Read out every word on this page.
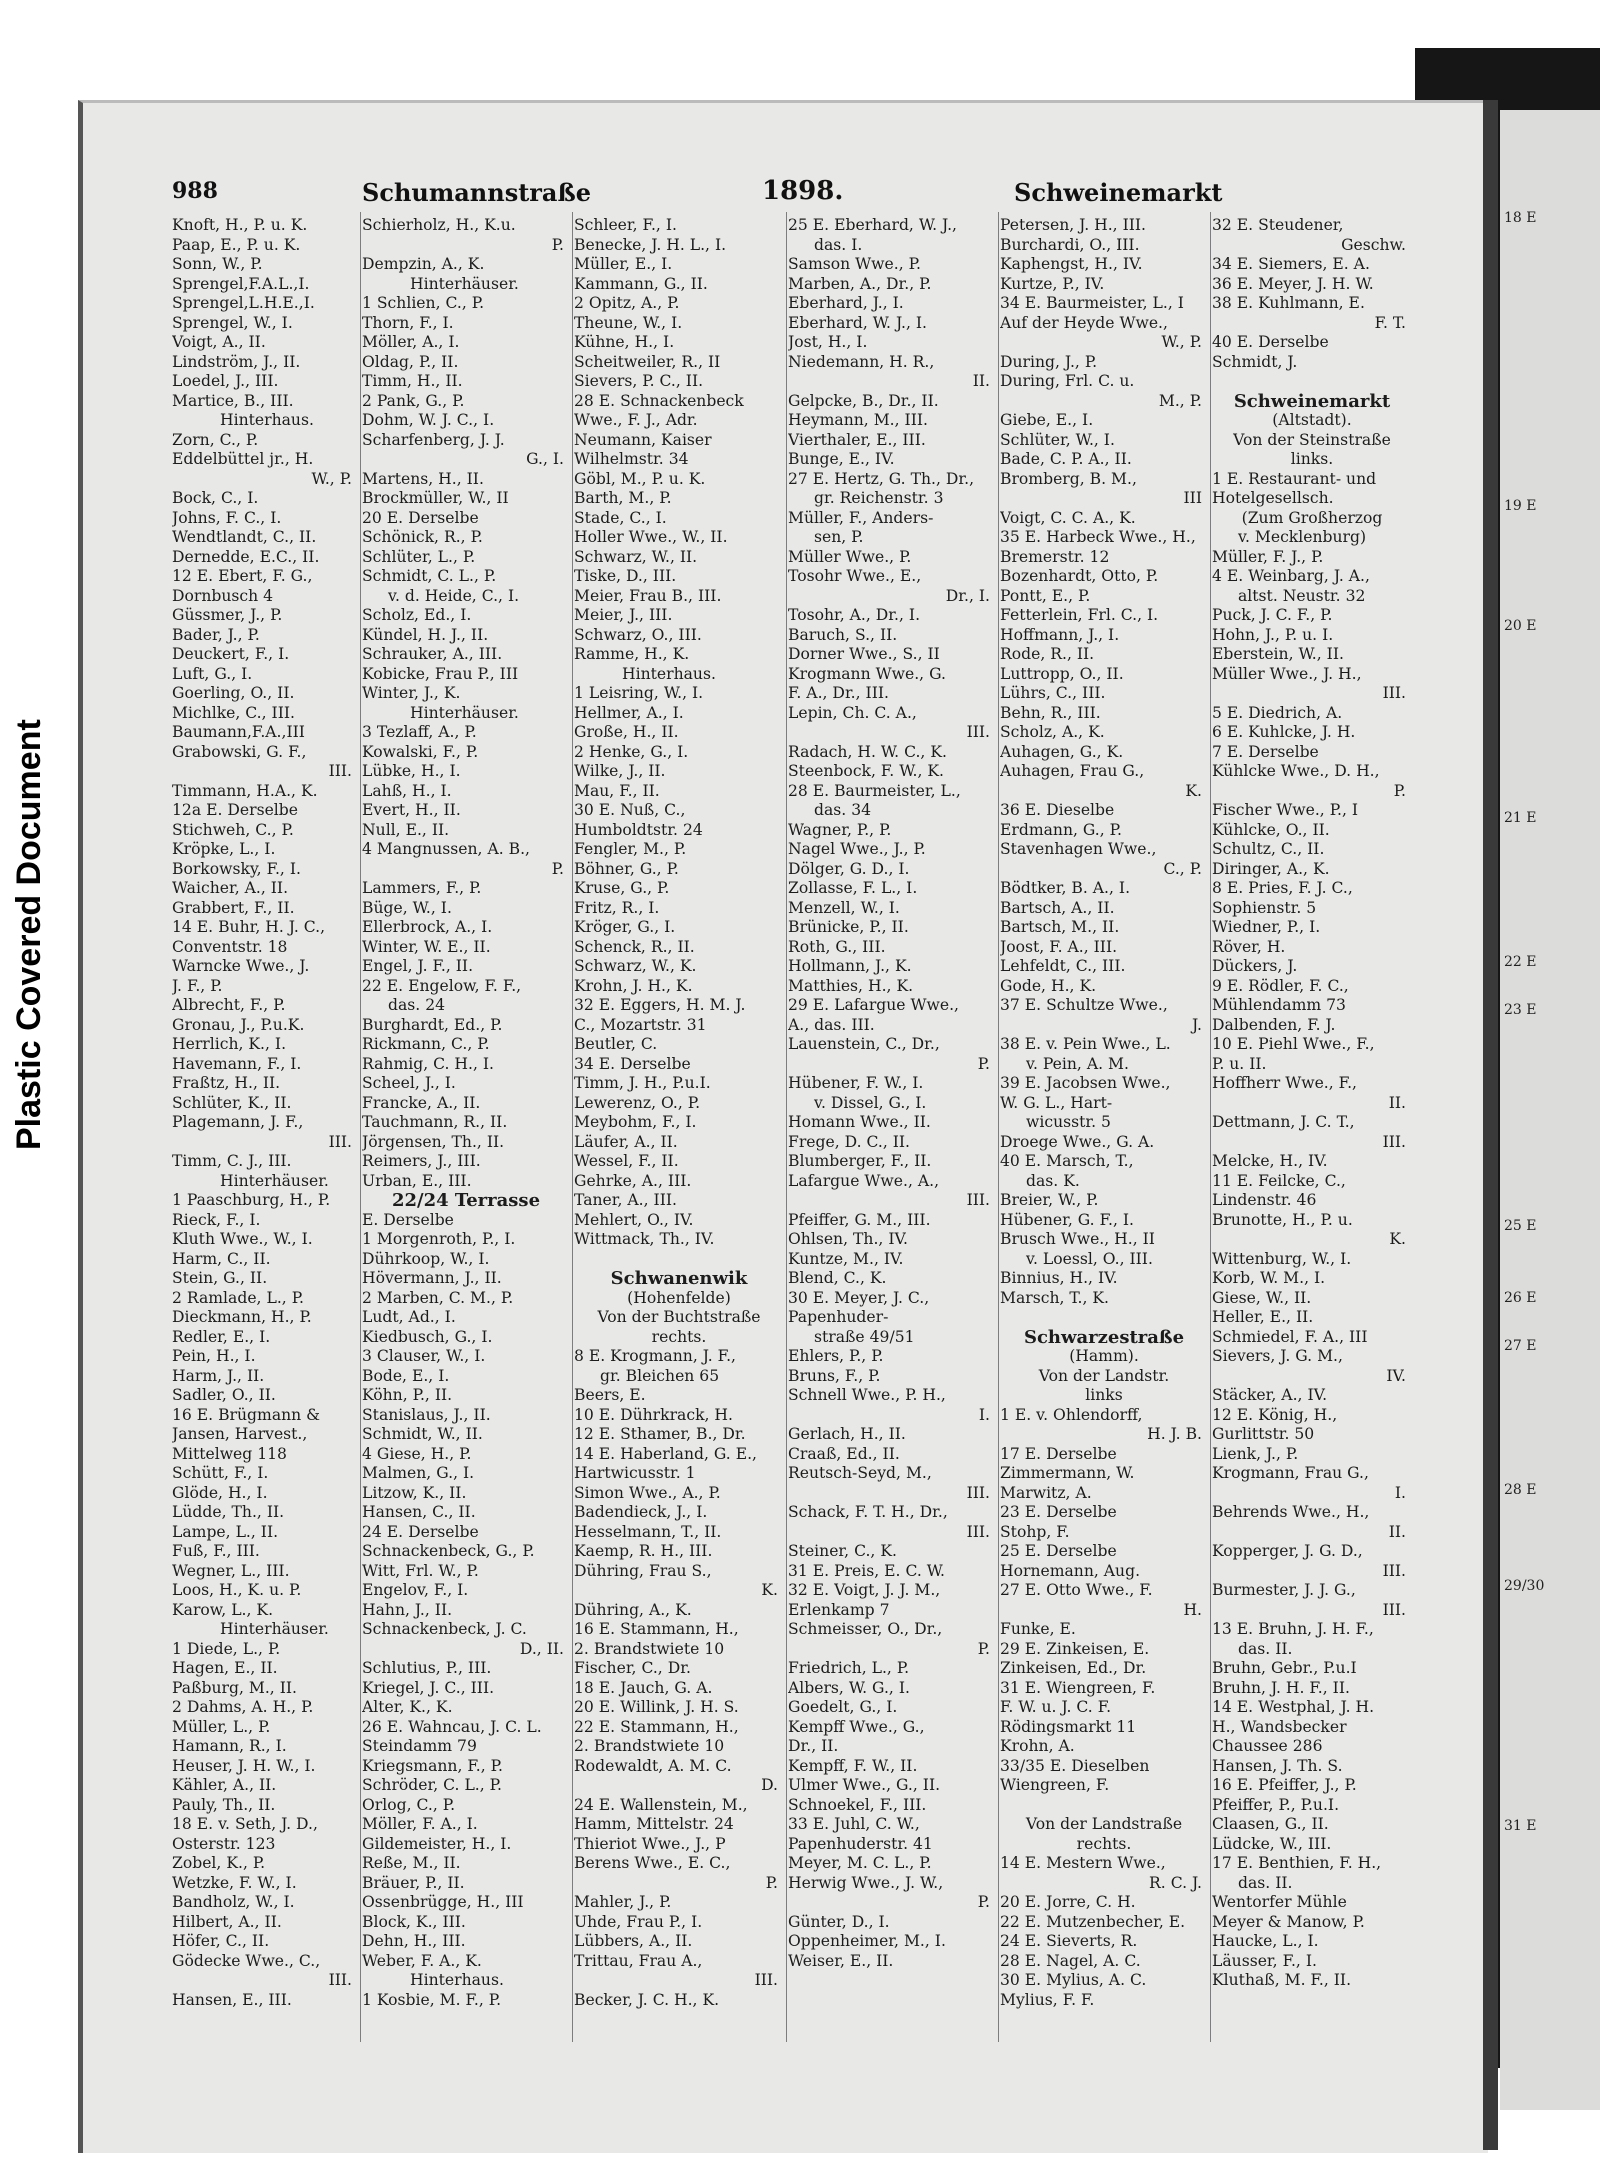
18 E

19 E

20 E

21 E

22 E

23 E

25 E

26 E

27 E

28 E

29/30

31 E
Plastic Covered Document
988	Schumannstraße	1898.	Schweinemarkt
Knoft, H., P. u. K.
Paap, E., P. u. K.
Sonn, W., P.
Sprengel,F.A.L.,I.
Sprengel,L.H.E.,I.
Sprengel, W., I.
Voigt, A., II.
Lindström, J., II.
Loedel, J., III.
Martice, B., III.
Hinterhaus.
Zorn, C., P.
Eddelbüttel jr., H.
W., P.
Bock, C., I.
Johns, F. C., I.
Wendtlandt, C., II.
Dernedde, E.C., II.
12 E. Ebert, F. G.,
Dornbusch 4
Güssmer, J., P.
Bader, J., P.
Deuckert, F., I.
Luft, G., I.
Goerling, O., II.
Michlke, C., III.
Baumann,F.A.,III
Grabowski, G. F.,
III.
Timmann, H.A., K.
12a E. Derselbe
Stichweh, C., P.
Kröpke, L., I.
Borkowsky, F., I.
Waicher, A., II.
Grabbert, F., II.
14 E. Buhr, H. J. C.,
Conventstr. 18
Warncke Wwe., J.
J. F., P.
Albrecht, F., P.
Gronau, J., P.u.K.
Herrlich, K., I.
Havemann, F., I.
Fraßtz, H., II.
Schlüter, K., II.
Plagemann, J. F.,
III.
Timm, C. J., III.
Hinterhäuser.
1 Paaschburg, H., P.
Rieck, F., I.
Kluth Wwe., W., I.
Harm, C., II.
Stein, G., II.
2 Ramlade, L., P.
Dieckmann, H., P.
Redler, E., I.
Pein, H., I.
Harm, J., II.
Sadler, O., II.
16 E. Brügmann &
Jansen, Harvest.,
Mittelweg 118
Schütt, F., I.
Glöde, H., I.
Lüdde, Th., II.
Lampe, L., II.
Fuß, F., III.
Wegner, L., III.
Loos, H., K. u. P.
Karow, L., K.
Hinterhäuser.
1 Diede, L., P.
Hagen, E., II.
Paßburg, M., II.
2 Dahms, A. H., P.
Müller, L., P.
Hamann, R., I.
Heuser, J. H. W., I.
Kähler, A., II.
Pauly, Th., II.
18 E. v. Seth, J. D.,
Osterstr. 123
Zobel, K., P.
Wetzke, F. W., I.
Bandholz, W., I.
Hilbert, A., II.
Höfer, C., II.
Gödecke Wwe., C.,
III.
Hansen, E., III.
Schierholz, H., K.u.
P.
Dempzin, A., K.
Hinterhäuser.
1 Schlien, C., P.
Thorn, F., I.
Möller, A., I.
Oldag, P., II.
Timm, H., II.
2 Pank, G., P.
Dohm, W. J. C., I.
Scharfenberg, J. J.
G., I.
Martens, H., II.
Brockmüller, W., II
20 E. Derselbe
Schönick, R., P.
Schlüter, L., P.
Schmidt, C. L., P.
v. d. Heide, C., I.
Scholz, Ed., I.
Kündel, H. J., II.
Schrauker, A., III.
Kobicke, Frau P., III
Winter, J., K.
Hinterhäuser.
3 Tezlaff, A., P.
Kowalski, F., P.
Lübke, H., I.
Lahß, H., I.
Evert, H., II.
Null, E., II.
4 Mangnussen, A. B.,
P.
Lammers, F., P.
Büge, W., I.
Ellerbrock, A., I.
Winter, W. E., II.
Engel, J. F., II.
22 E. Engelow, F. F.,
das. 24
Burghardt, Ed., P.
Rickmann, C., P.
Rahmig, C. H., I.
Scheel, J., I.
Francke, A., II.
Tauchmann, R., II.
Jörgensen, Th., II.
Reimers, J., III.
Urban, E., III.
22/24 Terrasse
E. Derselbe
1 Morgenroth, P., I.
Dührkoop, W., I.
Hövermann, J., II.
2 Marben, C. M., P.
Ludt, Ad., I.
Kiedbusch, G., I.
3 Clauser, W., I.
Bode, E., I.
Köhn, P., II.
Stanislaus, J., II.
Schmidt, W., II.
4 Giese, H., P.
Malmen, G., I.
Litzow, K., II.
Hansen, C., II.
24 E. Derselbe
Schnackenbeck, G., P.
Witt, Frl. W., P.
Engelov, F., I.
Hahn, J., II.
Schnackenbeck, J. C.
D., II.
Schlutius, P., III.
Kriegel, J. C., III.
Alter, K., K.
26 E. Wahncau, J. C. L.
Steindamm 79
Kriegsmann, F., P.
Schröder, C. L., P.
Orlog, C., P.
Möller, F. A., I.
Gildemeister, H., I.
Reße, M., II.
Bräuer, P., II.
Ossenbrügge, H., III
Block, K., III.
Dehn, H., III.
Weber, F. A., K.
Hinterhaus.
1 Kosbie, M. F., P.
Schleer, F., I.
Benecke, J. H. L., I.
Müller, E., I.
Kammann, G., II.
2 Opitz, A., P.
Theune, W., I.
Kühne, H., I.
Scheitweiler, R., II
Sievers, P. C., II.
28 E. Schnackenbeck
Wwe., F. J., Adr.
Neumann, Kaiser
Wilhelmstr. 34
Göbl, M., P. u. K.
Barth, M., P.
Stade, C., I.
Holler Wwe., W., II.
Schwarz, W., II.
Tiske, D., III.
Meier, Frau B., III.
Meier, J., III.
Schwarz, O., III.
Ramme, H., K.
Hinterhaus.
1 Leisring, W., I.
Hellmer, A., I.
Große, H., II.
2 Henke, G., I.
Wilke, J., II.
Mau, F., II.
30 E. Nuß, C.,
Humboldtstr. 24
Fengler, M., P.
Böhner, G., P.
Kruse, G., P.
Fritz, R., I.
Kröger, G., I.
Schenck, R., II.
Schwarz, W., K.
Krohn, J. H., K.
32 E. Eggers, H. M. J.
C., Mozartstr. 31
Beutler, C.
34 E. Derselbe
Timm, J. H., P.u.I.
Lewerenz, O., P.
Meybohm, F., I.
Läufer, A., II.
Wessel, F., II.
Gehrke, A., III.
Taner, A., III.
Mehlert, O., IV.
Wittmack, Th., IV.
Schwanenwik
(Hohenfelde)
Von der Buchtstraße
rechts.
8 E. Krogmann, J. F.,
gr. Bleichen 65
Beers, E.
10 E. Dührkrack, H.
12 E. Sthamer, B., Dr.
14 E. Haberland, G. E.,
Hartwicusstr. 1
Simon Wwe., A., P.
Badendieck, J., I.
Hesselmann, T., II.
Kaemp, R. H., III.
Dühring, Frau S.,
K.
Dühring, A., K.
16 E. Stammann, H.,
2. Brandstwiete 10
Fischer, C., Dr.
18 E. Jauch, G. A.
20 E. Willink, J. H. S.
22 E. Stammann, H.,
2. Brandstwiete 10
Rodewaldt, A. M. C.
D.
24 E. Wallenstein, M.,
Hamm, Mittelstr. 24
Thieriot Wwe., J., P
Berens Wwe., E. C.,
P.
Mahler, J., P.
Uhde, Frau P., I.
Lübbers, A., II.
Trittau, Frau A.,
III.
Becker, J. C. H., K.
25 E. Eberhard, W. J.,
das. I.
Samson Wwe., P.
Marben, A., Dr., P.
Eberhard, J., I.
Eberhard, W. J., I.
Jost, H., I.
Niedemann, H. R.,
II.
Gelpcke, B., Dr., II.
Heymann, M., III.
Vierthaler, E., III.
Bunge, E., IV.
27 E. Hertz, G. Th., Dr.,
gr. Reichenstr. 3
Müller, F., Anders-
sen, P.
Müller Wwe., P.
Tosohr Wwe., E.,
Dr., I.
Tosohr, A., Dr., I.
Baruch, S., II.
Dorner Wwe., S., II
Krogmann Wwe., G.
F. A., Dr., III.
Lepin, Ch. C. A.,
III.
Radach, H. W. C., K.
Steenbock, F. W., K.
28 E. Baurmeister, L.,
das. 34
Wagner, P., P.
Nagel Wwe., J., P.
Dölger, G. D., I.
Zollasse, F. L., I.
Menzell, W., I.
Brünicke, P., II.
Roth, G., III.
Hollmann, J., K.
Matthies, H., K.
29 E. Lafargue Wwe.,
A., das. III.
Lauenstein, C., Dr.,
P.
Hübener, F. W., I.
v. Dissel, G., I.
Homann Wwe., II.
Frege, D. C., II.
Blumberger, F., II.
Lafargue Wwe., A.,
III.
Pfeiffer, G. M., III.
Ohlsen, Th., IV.
Kuntze, M., IV.
Blend, C., K.
30 E. Meyer, J. C.,
Papenhuder-
straße 49/51
Ehlers, P., P.
Bruns, F., P.
Schnell Wwe., P. H.,
I.
Gerlach, H., II.
Craaß, Ed., II.
Reutsch-Seyd, M.,
III.
Schack, F. T. H., Dr.,
III.
Steiner, C., K.
31 E. Preis, E. C. W.
32 E. Voigt, J. J. M.,
Erlenkamp 7
Schmeisser, O., Dr.,
P.
Friedrich, L., P.
Albers, W. G., I.
Goedelt, G., I.
Kempff Wwe., G.,
Dr., II.
Kempff, F. W., II.
Ulmer Wwe., G., II.
Schnoekel, F., III.
33 E. Juhl, C. W.,
Papenhuderstr. 41
Meyer, M. C. L., P.
Herwig Wwe., J. W.,
P.
Günter, D., I.
Oppenheimer, M., I.
Weiser, E., II.
Petersen, J. H., III.
Burchardi, O., III.
Kaphengst, H., IV.
Kurtze, P., IV.
34 E. Baurmeister, L., I
Auf der Heyde Wwe.,
W., P.
During, J., P.
During, Frl. C. u.
M., P.
Giebe, E., I.
Schlüter, W., I.
Bade, C. P. A., II.
Bromberg, B. M.,
III
Voigt, C. C. A., K.
35 E. Harbeck Wwe., H.,
Bremerstr. 12
Bozenhardt, Otto, P.
Pontt, E., P.
Fetterlein, Frl. C., I.
Hoffmann, J., I.
Rode, R., II.
Luttropp, O., II.
Lührs, C., III.
Behn, R., III.
Scholz, A., K.
Auhagen, G., K.
Auhagen, Frau G.,
K.
36 E. Dieselbe
Erdmann, G., P.
Stavenhagen Wwe.,
C., P.
Bödtker, B. A., I.
Bartsch, A., II.
Bartsch, M., II.
Joost, F. A., III.
Lehfeldt, C., III.
Gode, H., K.
37 E. Schultze Wwe.,
J.
38 E. v. Pein Wwe., L.
v. Pein, A. M.
39 E. Jacobsen Wwe.,
W. G. L., Hart-
wicusstr. 5
Droege Wwe., G. A.
40 E. Marsch, T.,
das. K.
Breier, W., P.
Hübener, G. F., I.
Brusch Wwe., H., II
v. Loessl, O., III.
Binnius, H., IV.
Marsch, T., K.
Schwarzestraße
(Hamm).
Von der Landstr.
links
1 E. v. Ohlendorff,
H. J. B.
17 E. Derselbe
Zimmermann, W.
Marwitz, A.
23 E. Derselbe
Stohp, F.
25 E. Derselbe
Hornemann, Aug.
27 E. Otto Wwe., F.
H.
Funke, E.
29 E. Zinkeisen, E.
Zinkeisen, Ed., Dr.
31 E. Wiengreen, F.
F. W. u. J. C. F.
Rödingsmarkt 11
Krohn, A.
33/35 E. Dieselben
Wiengreen, F.
Von der Landstraße
rechts.
14 E. Mestern Wwe.,
R. C. J.
20 E. Jorre, C. H.
22 E. Mutzenbecher, E.
24 E. Sieverts, R.
28 E. Nagel, A. C.
30 E. Mylius, A. C.
Mylius, F. F.
32 E. Steudener,
Geschw.
34 E. Siemers, E. A.
36 E. Meyer, J. H. W.
38 E. Kuhlmann, E.
F. T.
40 E. Derselbe
Schmidt, J.
Schweinemarkt
(Altstadt).
Von der Steinstraße
links.
1 E. Restaurant- und
Hotelgesellsch.
(Zum Großherzog
v. Mecklenburg)
Müller, F. J., P.
4 E. Weinbarg, J. A.,
altst. Neustr. 32
Puck, J. C. F., P.
Hohn, J., P. u. I.
Eberstein, W., II.
Müller Wwe., J. H.,
III.
5 E. Diedrich, A.
6 E. Kuhlcke, J. H.
7 E. Derselbe
Kühlcke Wwe., D. H.,
P.
Fischer Wwe., P., I
Kühlcke, O., II.
Schultz, C., II.
Diringer, A., K.
8 E. Pries, F. J. C.,
Sophienstr. 5
Wiedner, P., I.
Röver, H.
Dückers, J.
9 E. Rödler, F. C.,
Mühlendamm 73
Dalbenden, F. J.
10 E. Piehl Wwe., F.,
P. u. II.
Hoffherr Wwe., F.,
II.
Dettmann, J. C. T.,
III.
Melcke, H., IV.
11 E. Feilcke, C.,
Lindenstr. 46
Brunotte, H., P. u.
K.
Wittenburg, W., I.
Korb, W. M., I.
Giese, W., II.
Heller, E., II.
Schmiedel, F. A., III
Sievers, J. G. M.,
IV.
Stäcker, A., IV.
12 E. König, H.,
Gurlittstr. 50
Lienk, J., P.
Krogmann, Frau G.,
I.
Behrends Wwe., H.,
II.
Kopperger, J. G. D.,
III.
Burmester, J. J. G.,
III.
13 E. Bruhn, J. H. F.,
das. II.
Bruhn, Gebr., P.u.I
Bruhn, J. H. F., II.
14 E. Westphal, J. H.
H., Wandsbecker
Chaussee 286
Hansen, J. Th. S.
16 E. Pfeiffer, J., P.
Pfeiffer, P., P.u.I.
Claasen, G., II.
Lüdcke, W., III.
17 E. Benthien, F. H.,
das. II.
Wentorfer Mühle
Meyer & Manow, P.
Haucke, L., I.
Läusser, F., I.
Kluthaß, M. F., II.
